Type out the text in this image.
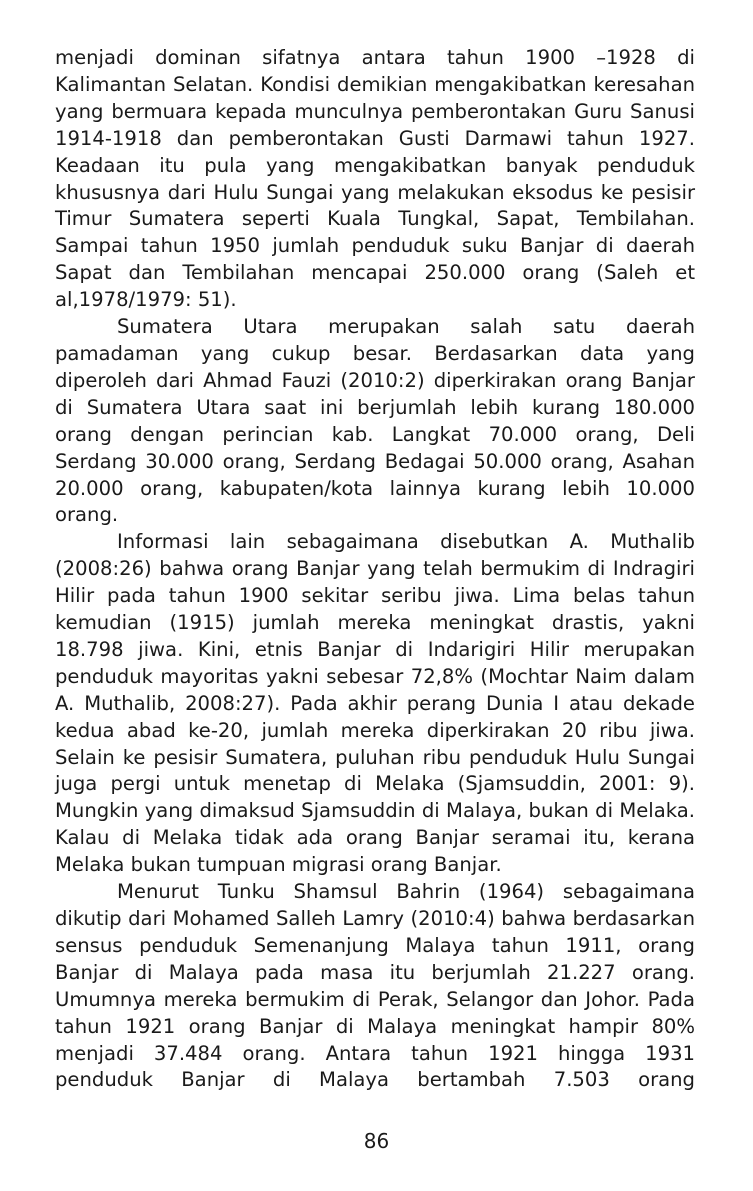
menjadi dominan sifatnya antara tahun 1900 –1928 di Kalimantan Selatan. Kondisi demikian mengakibatkan keresahan yang bermuara kepada munculnya pemberontakan Guru Sanusi 1914-1918 dan pemberontakan Gusti Darmawi tahun 1927. Keadaan itu pula yang mengakibatkan banyak penduduk khususnya dari Hulu Sungai yang melakukan eksodus ke pesisir Timur Sumatera seperti Kuala Tungkal, Sapat, Tembilahan. Sampai tahun 1950 jumlah penduduk suku Banjar di daerah Sapat dan Tembilahan mencapai 250.000 orang (Saleh et al,1978/1979: 51).

Sumatera Utara merupakan salah satu daerah pamadaman yang cukup besar. Berdasarkan data yang diperoleh dari Ahmad Fauzi (2010:2) diperkirakan orang Banjar di Sumatera Utara saat ini berjumlah lebih kurang 180.000 orang dengan perincian kab. Langkat 70.000 orang, Deli Serdang 30.000 orang, Serdang Bedagai 50.000 orang, Asahan 20.000 orang, kabupaten/kota lainnya kurang lebih 10.000 orang.

Informasi lain sebagaimana disebutkan A. Muthalib (2008:26) bahwa orang Banjar yang telah bermukim di Indragiri Hilir pada tahun 1900 sekitar seribu jiwa. Lima belas tahun kemudian (1915) jumlah mereka meningkat drastis, yakni 18.798 jiwa. Kini, etnis Banjar di Indarigiri Hilir merupakan penduduk mayoritas yakni sebesar 72,8% (Mochtar Naim dalam A. Muthalib, 2008:27). Pada akhir perang Dunia I atau dekade kedua abad ke-20, jumlah mereka diperkirakan 20 ribu jiwa. Selain ke pesisir Sumatera, puluhan ribu penduduk Hulu Sungai juga pergi untuk menetap di Melaka (Sjamsuddin, 2001: 9). Mungkin yang dimaksud Sjamsuddin di Malaya, bukan di Melaka. Kalau di Melaka tidak ada orang Banjar seramai itu, kerana Melaka bukan tumpuan migrasi orang Banjar.

Menurut Tunku Shamsul Bahrin (1964) sebagaimana dikutip dari Mohamed Salleh Lamry (2010:4) bahwa berdasarkan sensus penduduk Semenanjung Malaya tahun 1911, orang Banjar di Malaya pada masa itu berjumlah 21.227 orang. Umumnya mereka bermukim di Perak, Selangor dan Johor. Pada tahun 1921 orang Banjar di Malaya meningkat hampir 80% menjadi 37.484 orang. Antara tahun 1921 hingga 1931 penduduk Banjar di Malaya bertambah 7.503 orang

86
